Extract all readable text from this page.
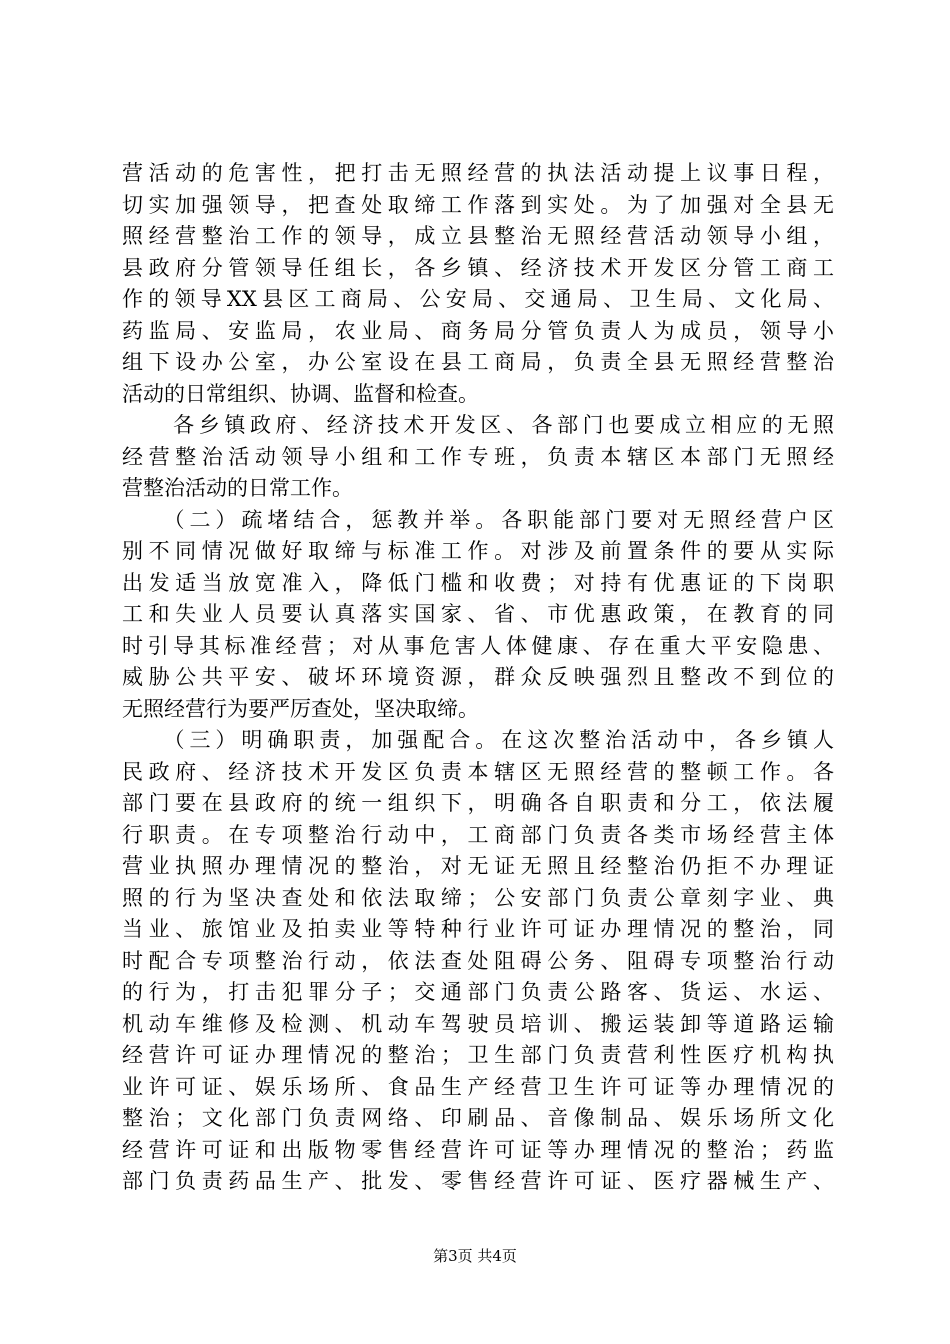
营活动的危害性，把打击无照经营的执法活动提上议事日程，
切实加强领导，把查处取缔工作落到实处。为了加强对全县无
照经营整治工作的领导，成立县整治无照经营活动领导小组，
县政府分管领导任组长，各乡镇、经济技术开发区分管工商工
作的领导XX县区工商局、公安局、交通局、卫生局、文化局、
药监局、安监局，农业局、商务局分管负责人为成员，领导小
组下设办公室，办公室设在县工商局，负责全县无照经营整治
活动的日常组织、协调、监督和检查。
　　各乡镇政府、经济技术开发区、各部门也要成立相应的无照
经营整治活动领导小组和工作专班，负责本辖区本部门无照经
营整治活动的日常工作。
　　（二）疏堵结合，惩教并举。各职能部门要对无照经营户区
别不同情况做好取缔与标准工作。对涉及前置条件的要从实际
出发适当放宽准入，降低门槛和收费；对持有优惠证的下岗职
工和失业人员要认真落实国家、省、市优惠政策，在教育的同
时引导其标准经营；对从事危害人体健康、存在重大平安隐患、
威胁公共平安、破坏环境资源，群众反映强烈且整改不到位的
无照经营行为要严厉查处，坚决取缔。
　　（三）明确职责，加强配合。在这次整治活动中，各乡镇人
民政府、经济技术开发区负责本辖区无照经营的整顿工作。各
部门要在县政府的统一组织下，明确各自职责和分工，依法履
行职责。在专项整治行动中，工商部门负责各类市场经营主体
营业执照办理情况的整治，对无证无照且经整治仍拒不办理证
照的行为坚决查处和依法取缔；公安部门负责公章刻字业、典
当业、旅馆业及拍卖业等特种行业许可证办理情况的整治，同
时配合专项整治行动，依法查处阻碍公务、阻碍专项整治行动
的行为，打击犯罪分子；交通部门负责公路客、货运、水运、
机动车维修及检测、机动车驾驶员培训、搬运装卸等道路运输
经营许可证办理情况的整治；卫生部门负责营利性医疗机构执
业许可证、娱乐场所、食品生产经营卫生许可证等办理情况的
整治；文化部门负责网络、印刷品、音像制品、娱乐场所文化
经营许可证和出版物零售经营许可证等办理情况的整治；药监
部门负责药品生产、批发、零售经营许可证、医疗器械生产、
第3页 共4页
